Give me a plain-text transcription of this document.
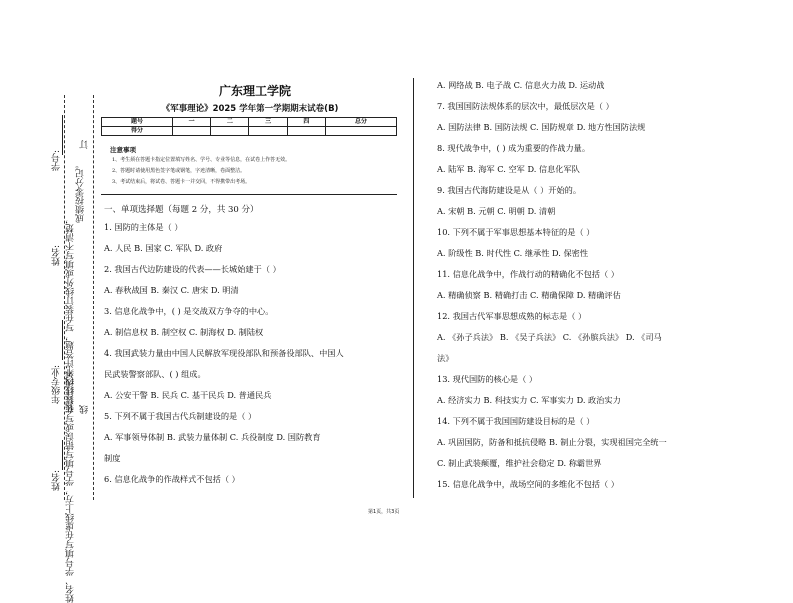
学号: 成绩按零分记。
装订线内不许答题，写在装订线外或填写不清楚，
姓名:
姓名、学号填写在虚线上方，学号填写错误或写在装订线外，
年级专业:
订
线
姓名:
广东理工学院
《军事理论》2025 学年第一学期期末试卷(B)
题号	一	二	三	四	总分
得分					
注意事项
1、考生须在答题卡指定位置填写姓名、学号、专业等信息，在试卷上作答无效。
2、答题时请使用黑色签字笔或钢笔，字迹清晰，卷面整洁。
3、考试结束后，将试卷、答题卡一并交回，不得携带出考场。
一、单项选择题（每题 2 分，共 30 分）
1. 国防的主体是（ ）
A. 人民 B. 国家 C. 军队 D. 政府
2. 我国古代边防建设的代表——长城始建于（ ）
A. 春秋战国 B. 秦汉 C. 唐宋 D. 明清
3. 信息化战争中，( ) 是交战双方争夺的中心。
A. 制信息权 B. 制空权 C. 制海权 D. 制陆权
4. 我国武装力量由中国人民解放军现役部队和预备役部队、中国人
民武装警察部队、( ) 组成。
A. 公安干警 B. 民兵 C. 基干民兵 D. 普通民兵
5. 下列不属于我国古代兵制建设的是（ ）
A. 军事领导体制 B. 武装力量体制 C. 兵役制度 D. 国防教育
制度
6. 信息化战争的作战样式不包括（ ）
A. 网络战 B. 电子战 C. 信息火力战 D. 运动战
7. 我国国防法规体系的层次中，最低层次是（ ）
A. 国防法律 B. 国防法规 C. 国防规章 D. 地方性国防法规
8. 现代战争中，( ) 成为重要的作战力量。
A. 陆军 B. 海军 C. 空军 D. 信息化军队
9. 我国古代海防建设是从（ ）开始的。
A. 宋朝 B. 元朝 C. 明朝 D. 清朝
10. 下列不属于军事思想基本特征的是（ ）
A. 阶级性 B. 时代性 C. 继承性 D. 保密性
11. 信息化战争中，作战行动的精确化不包括（ ）
A. 精确侦察 B. 精确打击 C. 精确保障 D. 精确评估
12. 我国古代军事思想成熟的标志是（ ）
A. 《孙子兵法》 B. 《吴子兵法》 C. 《孙膑兵法》 D. 《司马
法》
13. 现代国防的核心是（ ）
A. 经济实力 B. 科技实力 C. 军事实力 D. 政治实力
14. 下列不属于我国国防建设目标的是（ ）
A. 巩固国防，防备和抵抗侵略 B. 制止分裂，实现祖国完全统一
C. 制止武装颠覆，维护社会稳定 D. 称霸世界
15. 信息化战争中，战场空间的多维化不包括（ ）
第1页，共3页
